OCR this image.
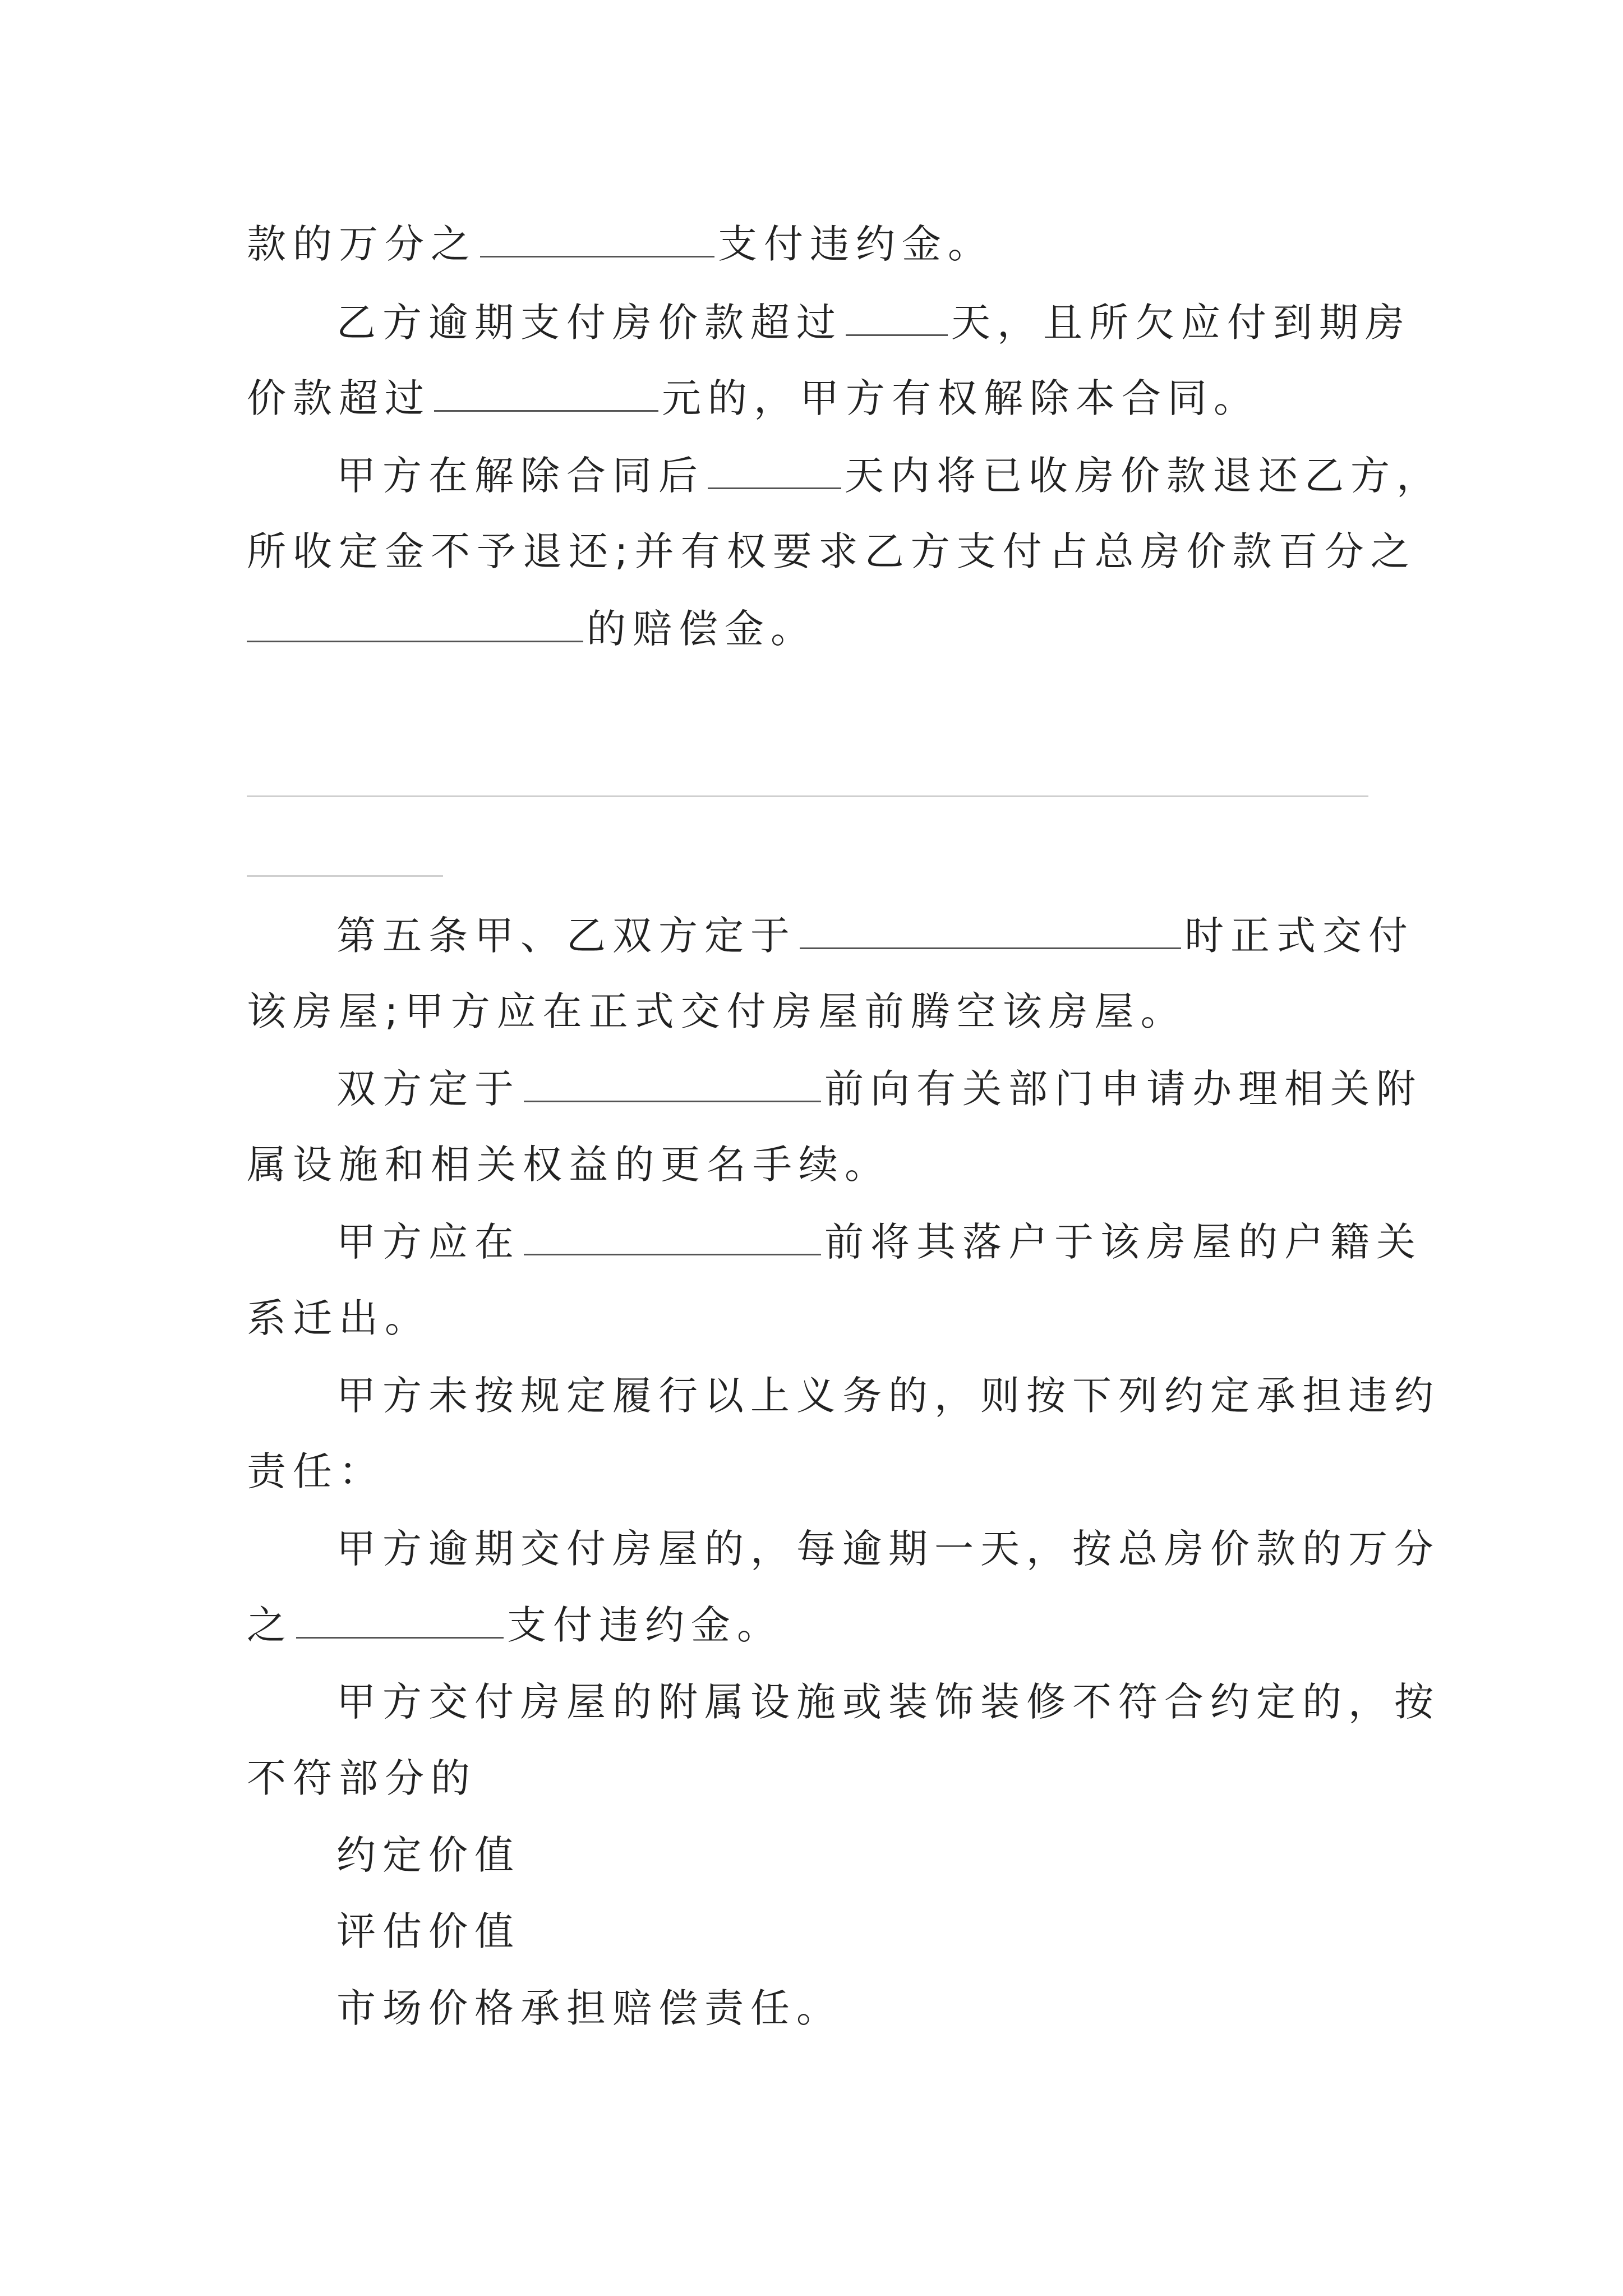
款的万分之	支付违约金。
乙方逾期支付房价款超过	天，且所欠应付到期房
价款超过	元的，甲方有权解除本合同。
甲方在解除合同后	天内将已收房价款退还乙方，
所收定金不予退还;并有权要求乙方支付占总房价款百分之
的赔偿金。
第五条甲、乙双方定于	时正式交付
该房屋;甲方应在正式交付房屋前腾空该房屋。
双方定于	前向有关部门申请办理相关附
属设施和相关权益的更名手续。
甲方应在	前将其落户于该房屋的户籍关
系迁出。
甲方未按规定履行以上义务的，则按下列约定承担违约
责任：
甲方逾期交付房屋的，每逾期一天，按总房价款的万分
之	支付违约金。
甲方交付房屋的附属设施或装饰装修不符合约定的，按
不符部分的
约定价值
评估价值
市场价格承担赔偿责任。
